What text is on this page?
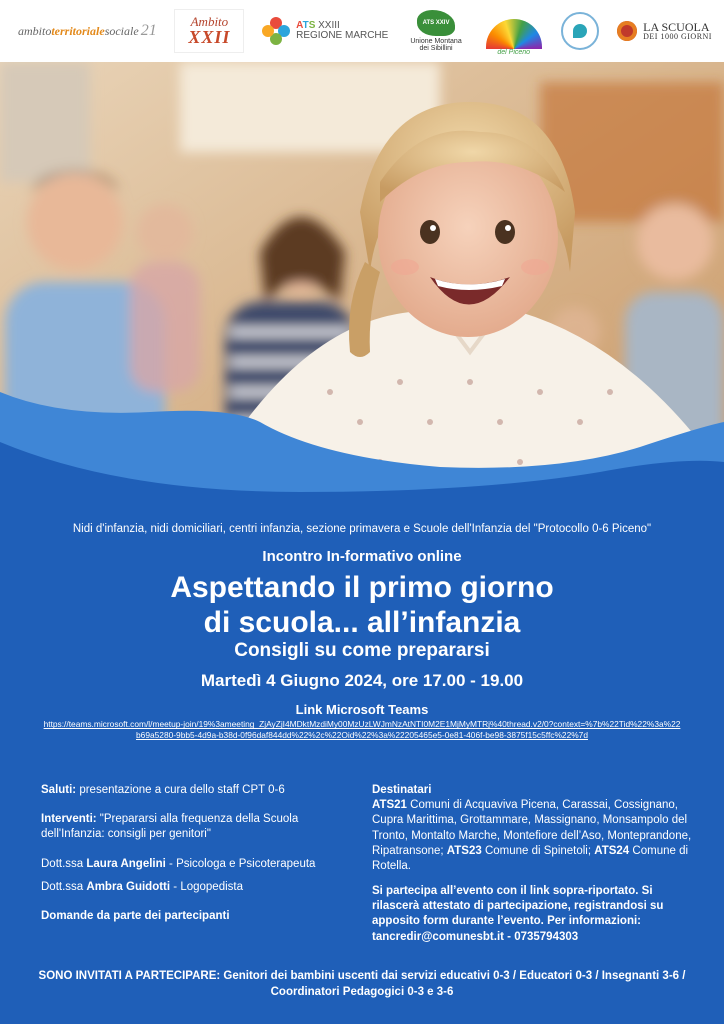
ambito territoriale sociale 21
Ambito
XXII
ATS XXIII
REGIONE MARCHE
ATS XXIV
Unione Montana dei Sibillini
del Piceno
LA SCUOLA
DEI 1000 GIORNI

Nidi d'infanzia, nidi domiciliari, centri infanzia, sezione primavera e Scuole dell'Infanzia del "Protocollo 0-6 Piceno"

Incontro In-formativo online
Aspettando il primo giorno
di scuola... all’infanzia
Consigli su come prepararsi

Martedì 4 Giugno 2024, ore 17.00 - 19.00

Link Microsoft Teams

https://teams.microsoft.com/l/meetup-join/19%3ameeting_ZjAyZjI4MDktMzdiMy00MzUzLWJmNzAtNTI0M2E1MjMyMTRj%40thread.v2/0?context=%7b%22Tid%22%3a%22b69a5280-9bb5-4d9a-b38d-0f96daf844dd%22%2c%22Oid%22%3a%22205465e5-0e81-406f-be98-3875f15c5ffc%22%7d

Saluti: presentazione a cura dello staff CPT 0-6

Interventi: "Prepararsi alla frequenza della Scuola dell'Infanzia: consigli per genitori"

Dott.ssa Laura Angelini - Psicologa e Psicoterapeuta

Dott.ssa Ambra Guidotti - Logopedista

Domande da parte dei partecipanti

Destinatari
ATS21 Comuni di Acquaviva Picena, Carassai, Cossignano, Cupra Marittima, Grottammare, Massignano, Monsampolo del Tronto, Montalto Marche, Montefiore dell’Aso, Monteprandone, Ripatransone; ATS23 Comune di Spinetoli; ATS24 Comune di Rotella.

Si partecipa all’evento con il link sopra-riportato. Si rilascerà attestato di partecipazione, registrandosi su apposito form durante l’evento. Per informazioni: tancredir@comunesbt.it - 0735794303

SONO INVITATI A PARTECIPARE: Genitori dei bambini uscenti dai servizi educativi 0-3 / Educatori 0-3 / Insegnanti 3-6 / Coordinatori Pedagogici 0-3 e 3-6
